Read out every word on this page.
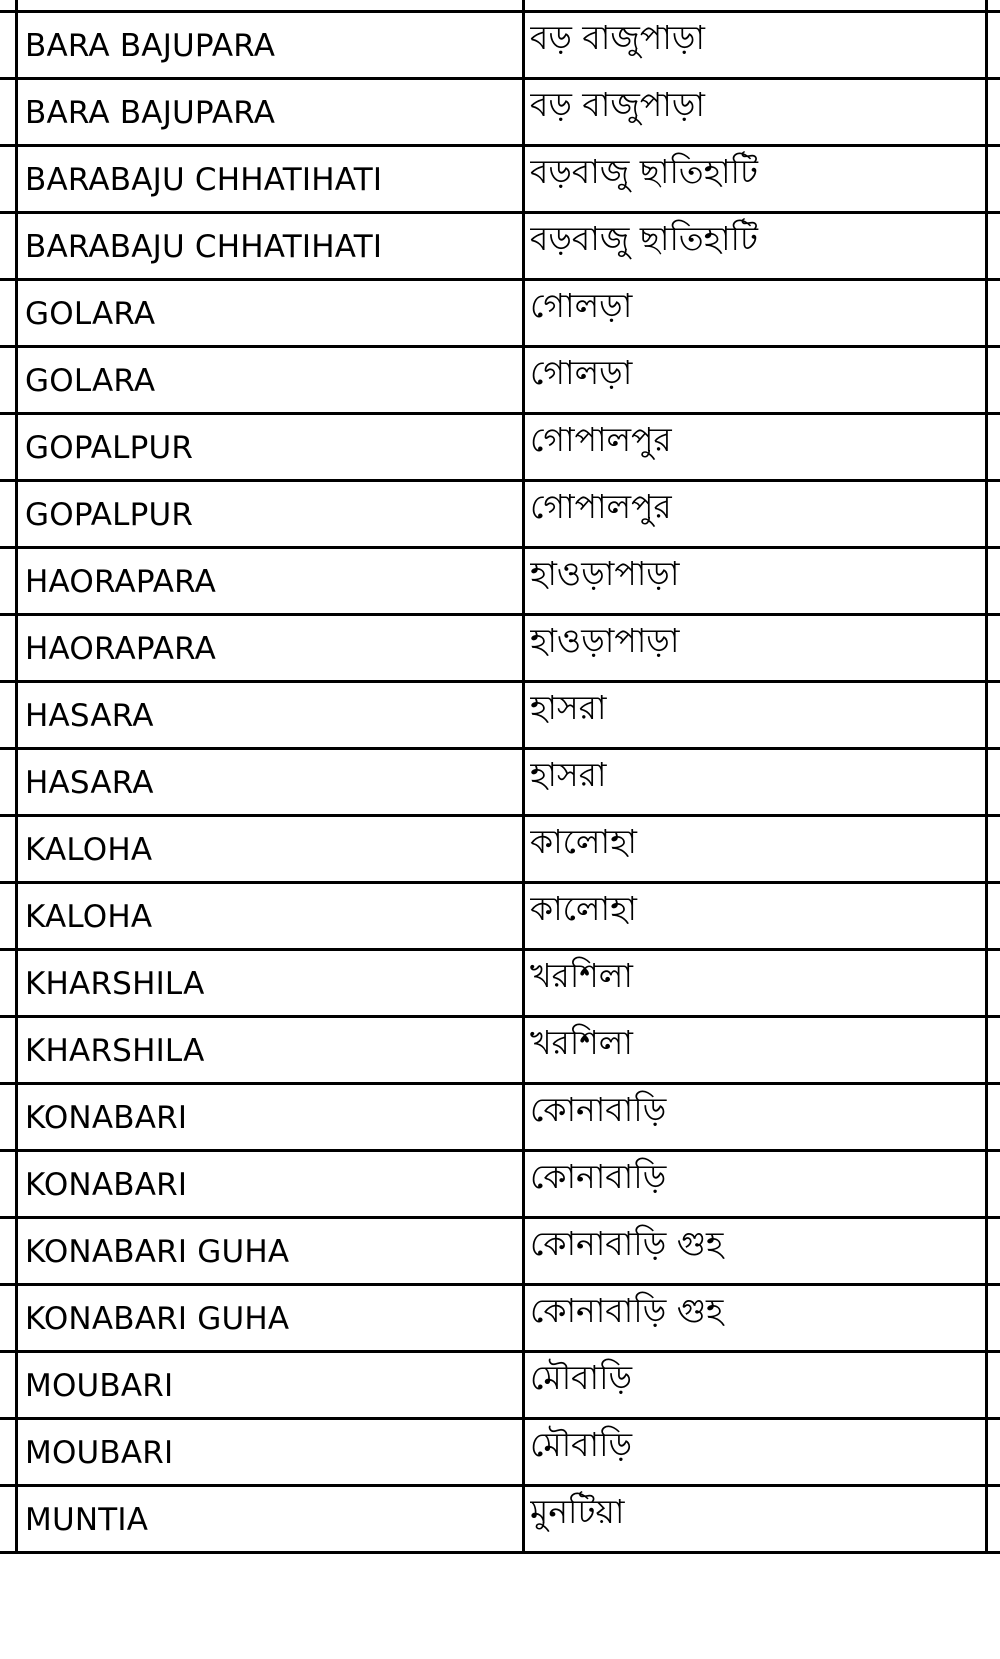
BARA BAJUPARA	বড় বাজুপাড়া
BARA BAJUPARA	বড় বাজুপাড়া
BARABAJU CHHATIHATI	বড়বাজু ছাতিহাটি
BARABAJU CHHATIHATI	বড়বাজু ছাতিহাটি
GOLARA	গোলড়া
GOLARA	গোলড়া
GOPALPUR	গোপালপুর
GOPALPUR	গোপালপুর
HAORAPARA	হাওড়াপাড়া
HAORAPARA	হাওড়াপাড়া
HASARA	হাসরা
HASARA	হাসরা
KALOHA	কালোহা
KALOHA	কালোহা
KHARSHILA	খরশিলা
KHARSHILA	খরশিলা
KONABARI	কোনাবাড়ি
KONABARI	কোনাবাড়ি
KONABARI GUHA	কোনাবাড়ি গুহ
KONABARI GUHA	কোনাবাড়ি গুহ
MOUBARI	মৌবাড়ি
MOUBARI	মৌবাড়ি
MUNTIA	মুনটিয়া
